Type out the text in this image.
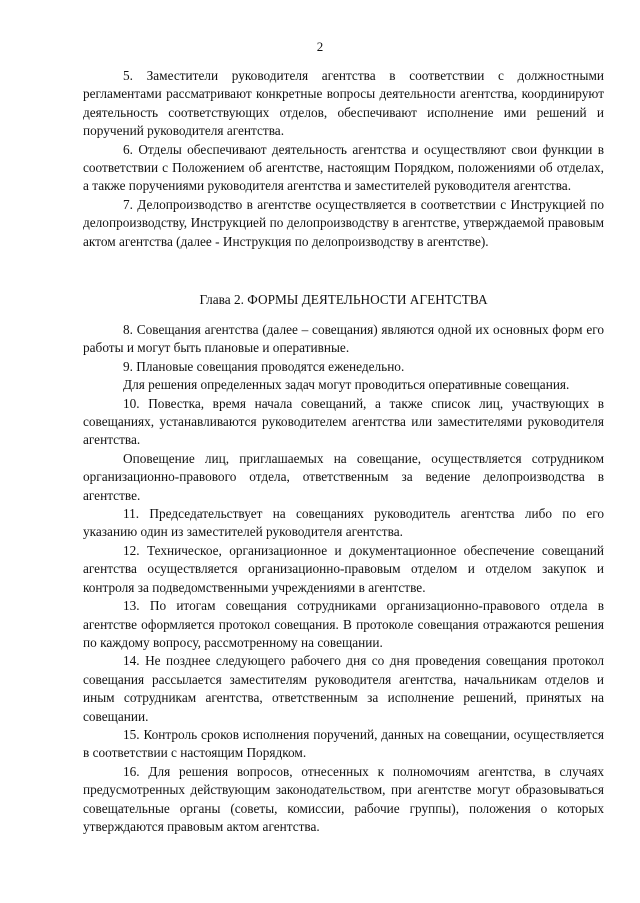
2

5. Заместители руководителя агентства в соответствии с должностными регламентами рассматривают конкретные вопросы деятельности агентства, координируют деятельность соответствующих отделов, обеспечивают исполнение ими решений и поручений руководителя агентства.

6. Отделы обеспечивают деятельность агентства и осуществляют свои функции в соответствии с Положением об агентстве, настоящим Порядком, положениями об отделах, а также поручениями руководителя агентства и заместителей руководителя агентства.

7. Делопроизводство в агентстве осуществляется в соответствии с Инструкцией по делопроизводству, Инструкцией по делопроизводству в агентстве, утверждаемой правовым актом агентства (далее - Инструкция по делопроизводству в агентстве).

Глава 2. ФОРМЫ ДЕЯТЕЛЬНОСТИ АГЕНТСТВА

8. Совещания агентства (далее – совещания) являются одной их основных форм его работы и могут быть плановые и оперативные.

9. Плановые совещания проводятся еженедельно.

Для решения определенных задач могут проводиться оперативные совещания.

10. Повестка, время начала совещаний, а также список лиц, участвующих в совещаниях, устанавливаются руководителем агентства или заместителями руководителя агентства.

Оповещение лиц, приглашаемых на совещание, осуществляется сотрудником организационно-правового отдела, ответственным за ведение делопроизводства в агентстве.

11. Председательствует на совещаниях руководитель агентства либо по его указанию один из заместителей руководителя агентства.

12. Техническое, организационное и документационное обеспечение совещаний агентства осуществляется организационно-правовым отделом и отделом закупок и контроля за подведомственными учреждениями в агентстве.

13. По итогам совещания сотрудниками организационно-правового отдела в агентстве оформляется протокол совещания. В протоколе совещания отражаются решения по каждому вопросу, рассмотренному на совещании.

14. Не позднее следующего рабочего дня со дня проведения совещания протокол совещания рассылается заместителям руководителя агентства, начальникам отделов и иным сотрудникам агентства, ответственным за исполнение решений, принятых на совещании.

15. Контроль сроков исполнения поручений, данных на совещании, осуществляется в соответствии с настоящим Порядком.

16. Для решения вопросов, отнесенных к полномочиям агентства, в случаях предусмотренных действующим законодательством, при агентстве могут образовываться совещательные органы (советы, комиссии, рабочие группы), положения о которых утверждаются правовым актом агентства.
